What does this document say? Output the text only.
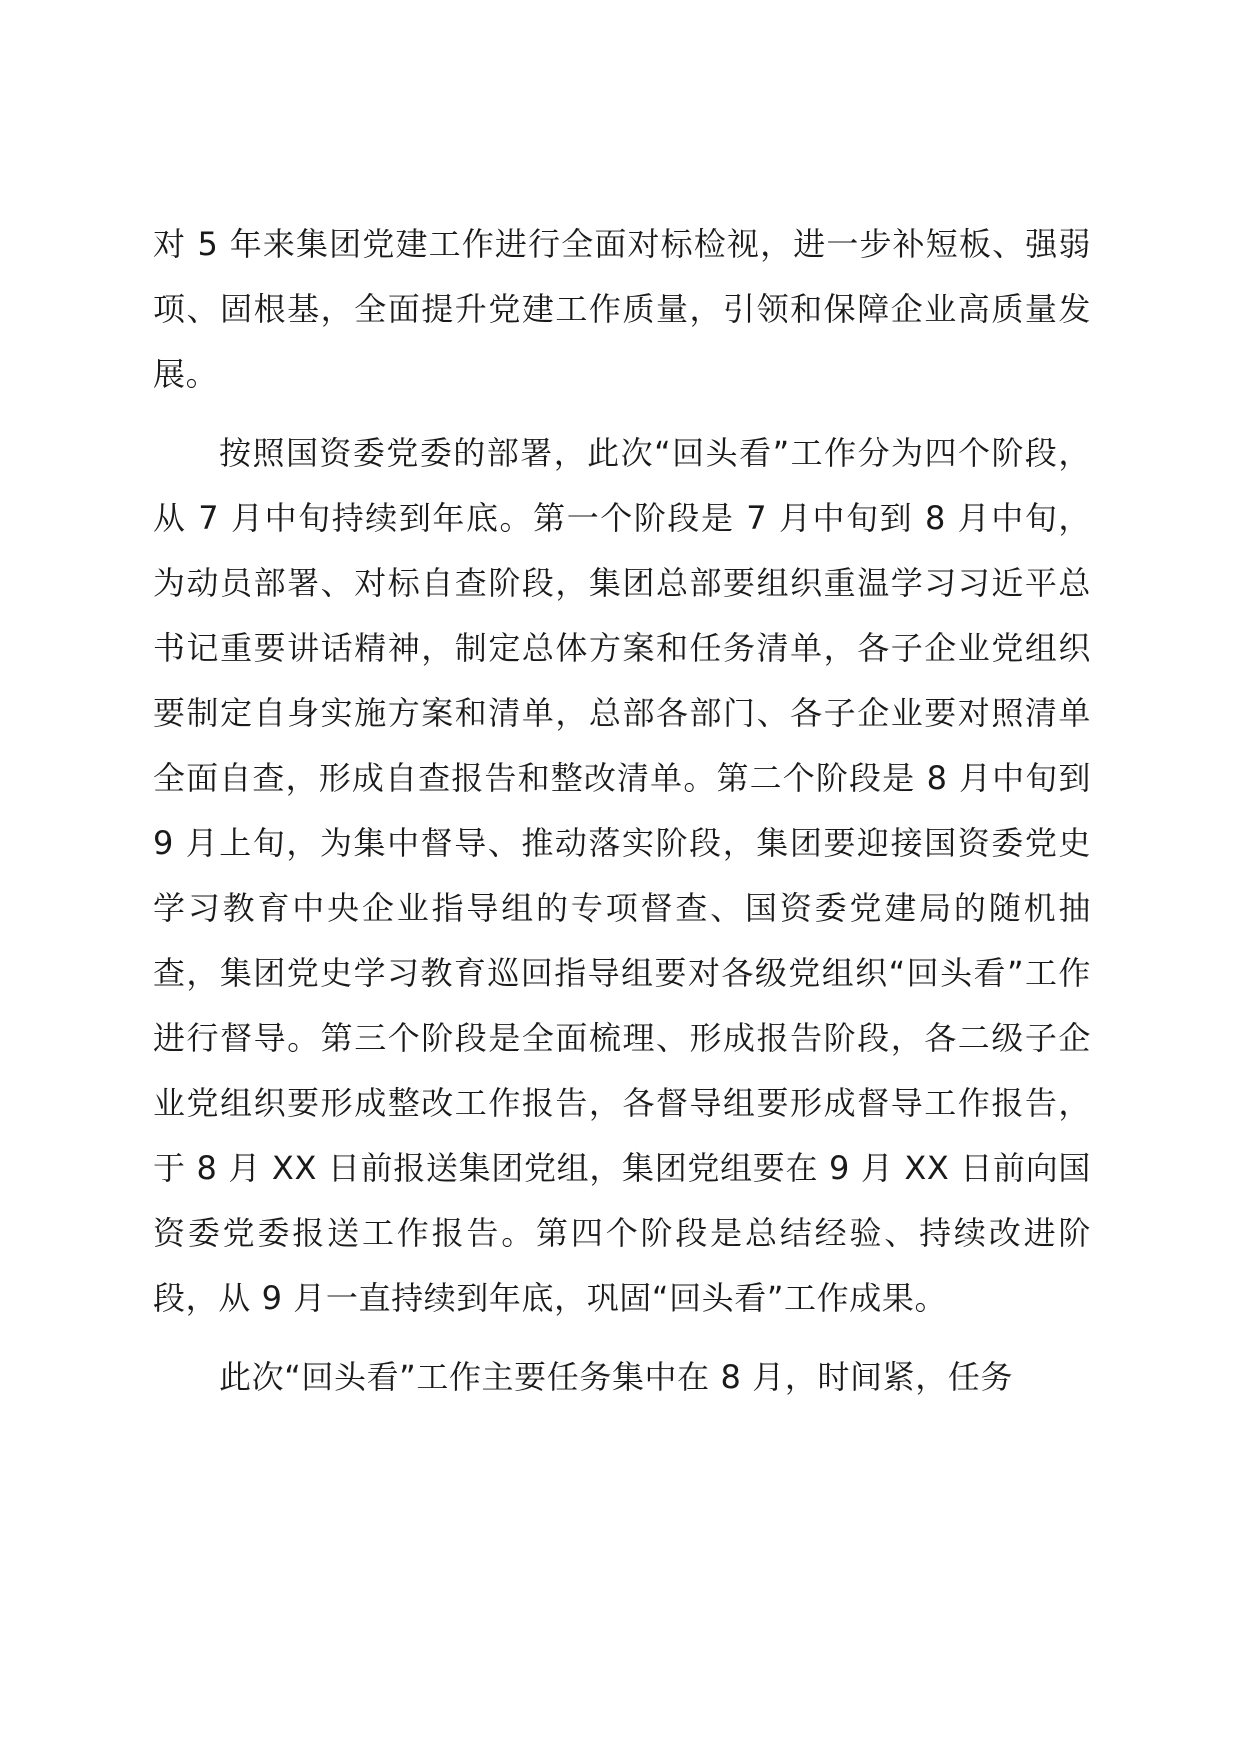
对 5 年来集团党建工作进行全面对标检视，进一步补短板、强弱项、固根基，全面提升党建工作质量，引领和保障企业高质量发展。

按照国资委党委的部署，此次“回头看”工作分为四个阶段，从 7 月中旬持续到年底。第一个阶段是 7 月中旬到 8 月中旬，为动员部署、对标自查阶段，集团总部要组织重温学习习近平总书记重要讲话精神，制定总体方案和任务清单，各子企业党组织要制定自身实施方案和清单，总部各部门、各子企业要对照清单全面自查，形成自查报告和整改清单。第二个阶段是 8 月中旬到 9 月上旬，为集中督导、推动落实阶段，集团要迎接国资委党史学习教育中央企业指导组的专项督查、国资委党建局的随机抽查，集团党史学习教育巡回指导组要对各级党组织“回头看”工作进行督导。第三个阶段是全面梳理、形成报告阶段，各二级子企业党组织要形成整改工作报告，各督导组要形成督导工作报告，于 8 月 XX 日前报送集团党组，集团党组要在 9 月 XX 日前向国资委党委报送工作报告。第四个阶段是总结经验、持续改进阶段，从 9 月一直持续到年底，巩固“回头看”工作成果。

此次“回头看”工作主要任务集中在 8 月，时间紧，任务
